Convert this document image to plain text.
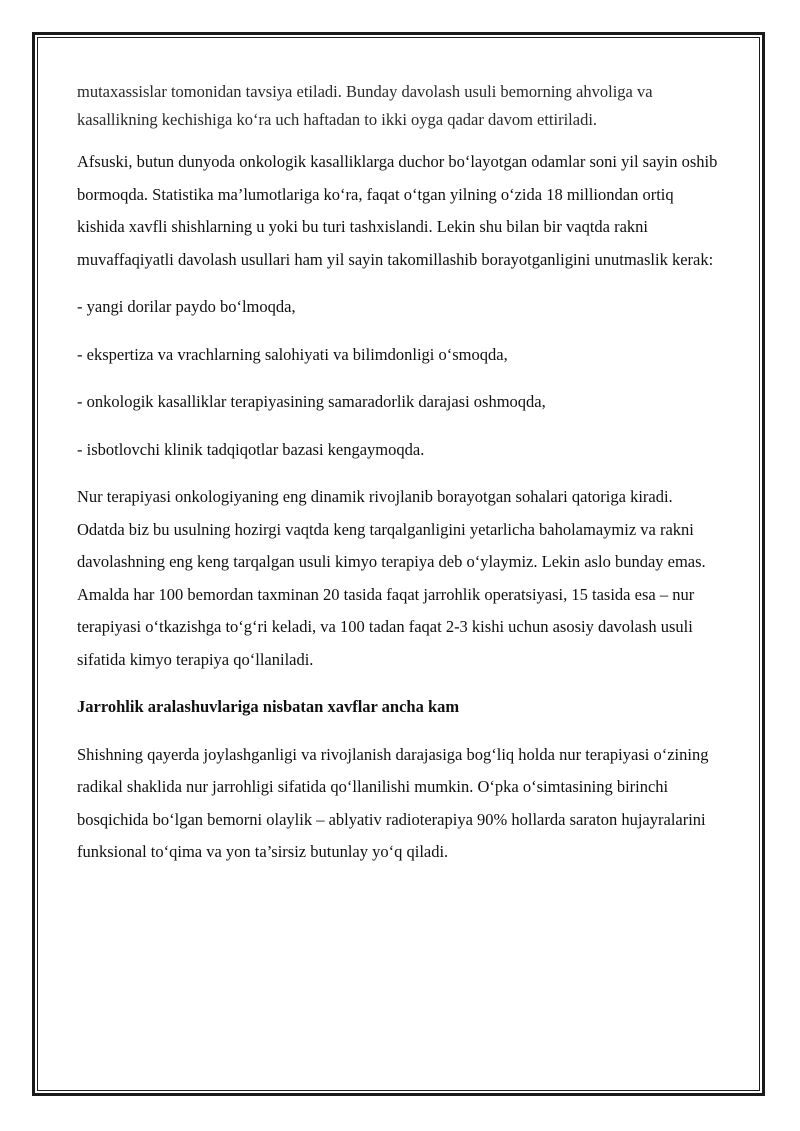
mutaxassislar tomonidan tavsiya etiladi. Bunday davolash usuli bemorning ahvoliga va kasallikning kechishiga ko‘ra uch haftadan to ikki oyga qadar davom ettiriladi.

Afsuski, butun dunyoda onkologik kasalliklarga duchor bo‘layotgan odamlar soni yil sayin oshib bormoqda. Statistika ma’lumotlariga ko‘ra, faqat o‘tgan yilning o‘zida 18 milliondan ortiq kishida xavfli shishlarning u yoki bu turi tashxislandi. Lekin shu bilan bir vaqtda rakni muvaffaqiyatli davolash usullari ham yil sayin takomillashib borayotganligini unutmaslik kerak:

- yangi dorilar paydo bo‘lmoqda,

- ekspertiza va vrachlarning salohiyati va bilimdonligi o‘smoqda,

- onkologik kasalliklar terapiyasining samaradorlik darajasi oshmoqda,

- isbotlovchi klinik tadqiqotlar bazasi kengaymoqda.

Nur terapiyasi onkologiyaning eng dinamik rivojlanib borayotgan sohalari qatoriga kiradi. Odatda biz bu usulning hozirgi vaqtda keng tarqalganligini yetarlicha baholamaymiz va rakni davolashning eng keng tarqalgan usuli kimyo terapiya deb o‘ylaymiz. Lekin aslo bunday emas. Amalda har 100 bemordan taxminan 20 tasida faqat jarrohlik operatsiyasi, 15 tasida esa – nur terapiyasi o‘tkazishga to‘g‘ri keladi, va 100 tadan faqat 2-3 kishi uchun asosiy davolash usuli sifatida kimyo terapiya qo‘llaniladi.

Jarrohlik aralashuvlariga nisbatan xavflar ancha kam

Shishning qayerda joylashganligi va rivojlanish darajasiga bog‘liq holda nur terapiyasi o‘zining radikal shaklida nur jarrohligi sifatida qo‘llanilishi mumkin. O‘pka o‘simtasining birinchi bosqichida bo‘lgan bemorni olaylik – ablyativ radioterapiya 90% hollarda saraton hujayralarini funksional to‘qima va yon ta’sirsiz butunlay yo‘q qiladi.
